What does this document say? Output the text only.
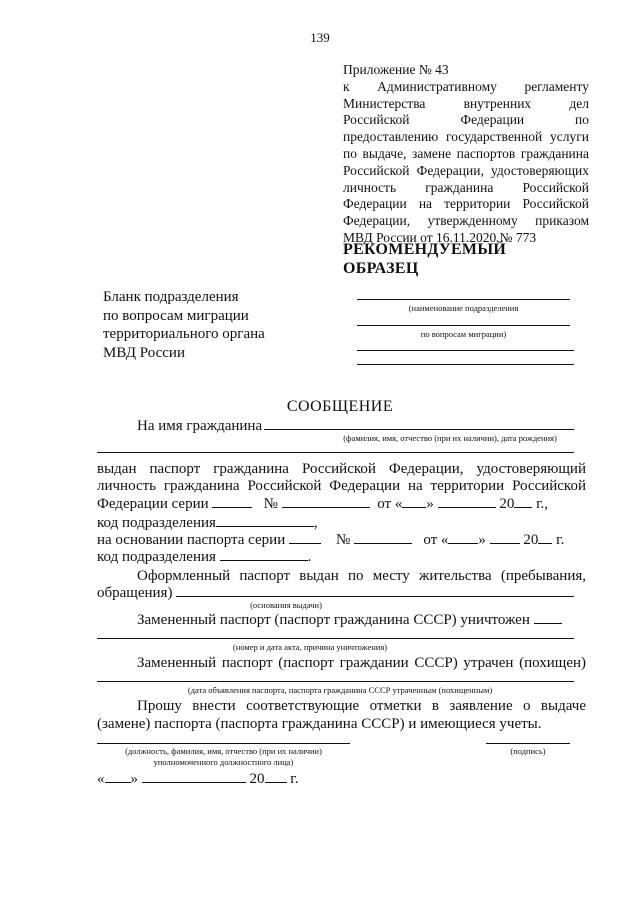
139
Приложение № 43
к Административному регламенту Министерства внутренних дел Российской Федерации по предоставлению государственной услуги по выдаче, замене паспортов гражданина Российской Федерации, удостоверяющих личность гражданина Российской Федерации на территории Российской Федерации, утвержденному приказом МВД России от 16.11.2020 № 773
РЕКОМЕНДУЕМЫЙ
ОБРАЗЕЦ
Бланк подразделения
по вопросам миграции
территориального органа
МВД России
(наименование подразделения
по вопросам миграции)
СООБЩЕНИЕ
На имя гражданина
(фамилия, имя, отчество (при их наличии), дата рождения)
выдан паспорт гражданина Российской Федерации, удостоверяющий
личность гражданина Российской Федерации на территории Российской
Федерации серии	№	от « »	20 г.,
код подразделения	,
на основании паспорта серии	№	от « »	20 г.
код подразделения	.
Оформленный паспорт выдан по месту жительства (пребывания,
обращения)
(основания выдачи)
Замененный паспорт (паспорт гражданина СССР) уничтожен
(номер и дата акта, причина уничтожения)
Замененный паспорт (паспорт граждании СССР) утрачен (похищен)
(дата объявления паспорта, паспорта гражданина СССР утраченным (похищенным)
Прошу внести соответствующие отметки в заявление о выдаче
(замене) паспорта (паспорта гражданина СССР) и имеющиеся учеты.
(должность, фамилия, имя, отчество (при их наличии)
уполномоченного должностного лица)
(подпись)
« »	20 г.
